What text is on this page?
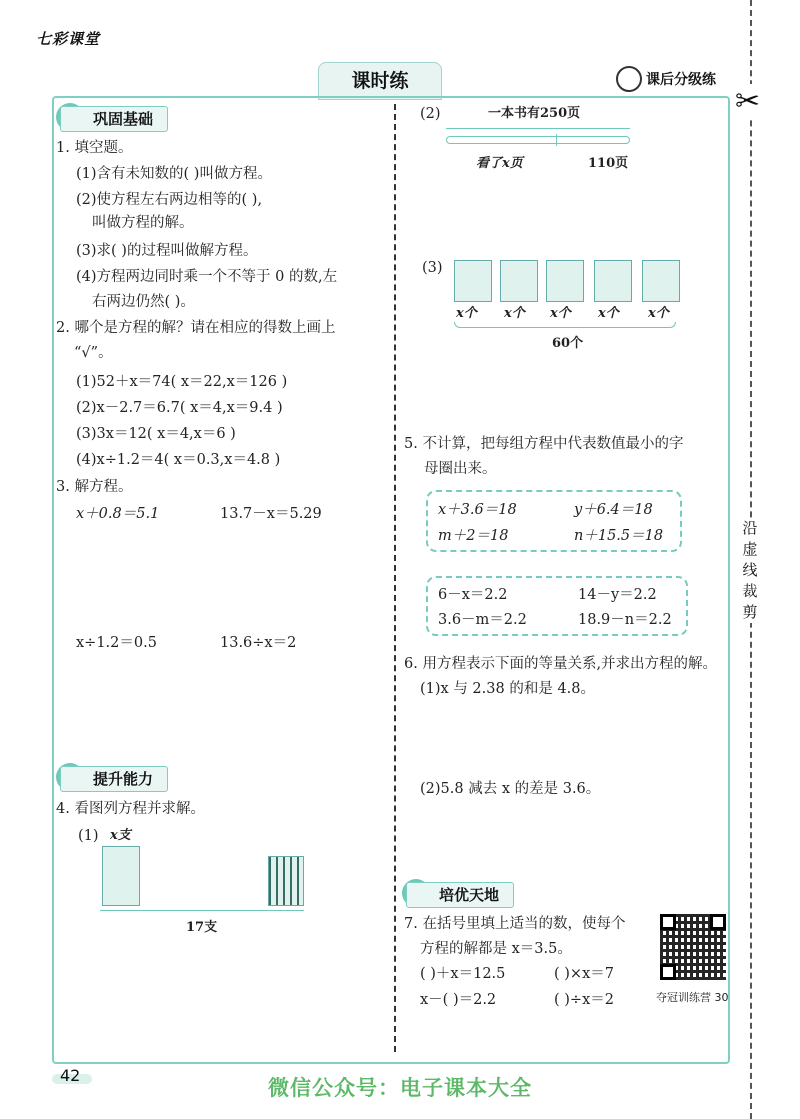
七彩课堂
课时练	课后分级练
✂
沿虚线裁剪
巩固基础
1. 填空题。
(1)含有未知数的( )叫做方程。
(2)使方程左右两边相等的( ),
叫做方程的解。
(3)求( )的过程叫做解方程。
(4)方程两边同时乘一个不等于 0 的数,左
右两边仍然( )。
2. 哪个是方程的解？请在相应的得数上画上
“√”。
(1)52＋x＝74( x＝22,x＝126 )
(2)x－2.7＝6.7( x＝4,x＝9.4 )
(3)3x＝12( x＝4,x＝6 )
(4)x÷1.2＝4( x＝0.3,x＝4.8 )
3. 解方程。
x＋0.8＝5.1	13.7－x＝5.29
x÷1.2＝0.5	13.6÷x＝2
提升能力
4. 看图列方程并求解。
(1) x支
17支
(2)	一本书有250页
看了x页	110页
(3)
x个 x个 x个 x个 x个
60个
5. 不计算，把每组方程中代表数值最小的字
母圈出来。
x＋3.6＝18	y＋6.4＝18
m＋2＝18	n＋15.5＝18
6－x＝2.2	14－y＝2.2
3.6－m＝2.2	18.9－n＝2.2
6. 用方程表示下面的等量关系,并求出方程的解。
(1)x 与 2.38 的和是 4.8。
(2)5.8 减去 x 的差是 3.6。
培优天地
7. 在括号里填上适当的数，使每个
方程的解都是 x＝3.5。
( )＋x＝12.5	( )×x＝7
x－( )＝2.2	( )÷x＝2	夺冠训练营 30
42
微信公众号：电子课本大全
